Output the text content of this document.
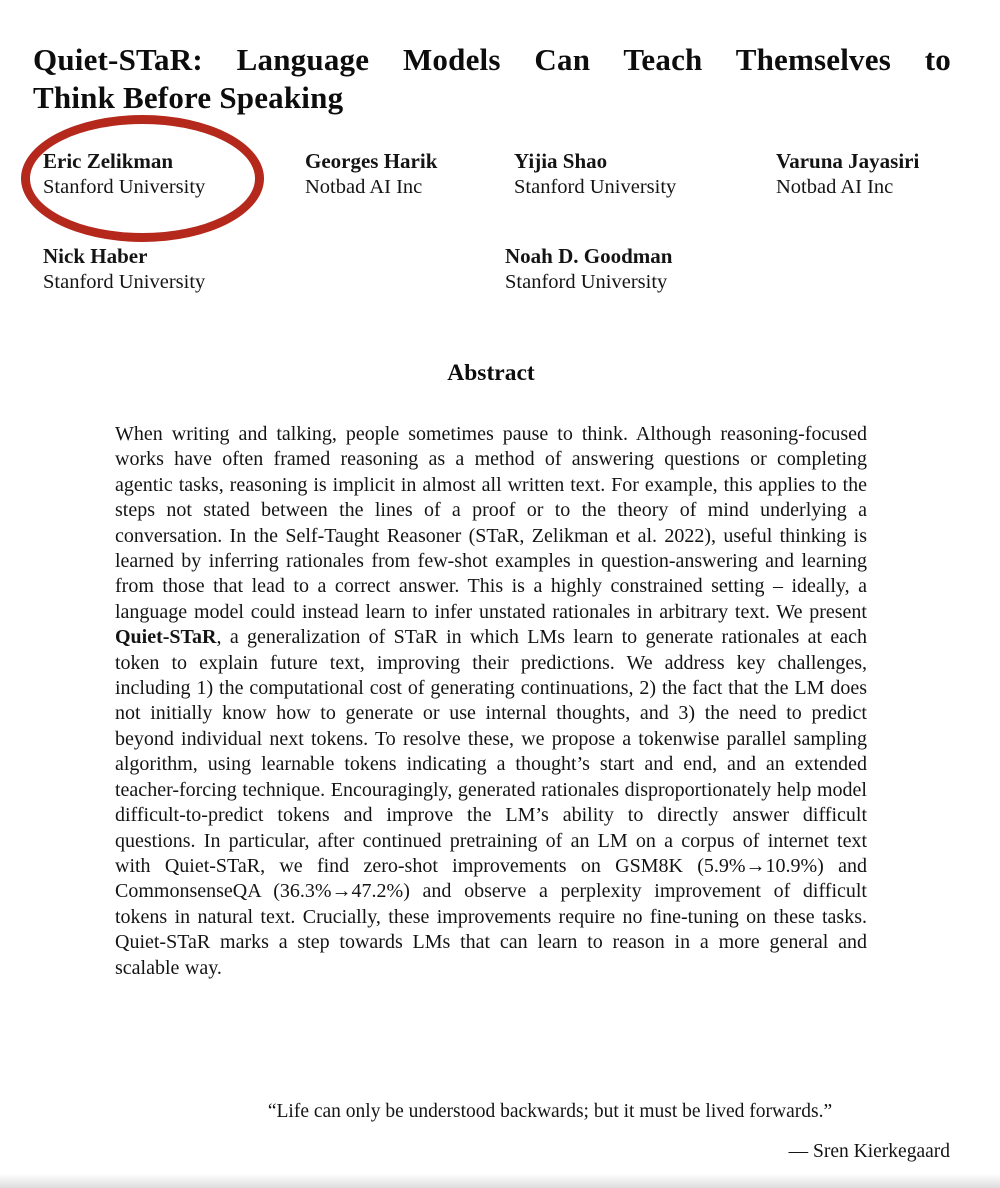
Quiet-STaR: Language Models Can Teach Themselves to
Think Before Speaking
Eric Zelikman
Stanford University
Georges Harik
Notbad AI Inc
Yijia Shao
Stanford University
Varuna Jayasiri
Notbad AI Inc
Nick Haber
Stanford University
Noah D. Goodman
Stanford University
Abstract
When writing and talking, people sometimes pause to think. Although reasoning-focused works have often framed reasoning as a method of answering questions or completing agentic tasks, reasoning is implicit in almost all written text. For example, this applies to the steps not stated between the lines of a proof or to the theory of mind underlying a conversation. In the Self-Taught Reasoner (STaR, Zelikman et al. 2022), useful thinking is learned by inferring rationales from few-shot examples in question-answering and learning from those that lead to a correct answer. This is a highly constrained setting – ideally, a language model could instead learn to infer unstated rationales in arbitrary text. We present Quiet-STaR, a generalization of STaR in which LMs learn to generate rationales at each token to explain future text, improving their predictions. We address key challenges, including 1) the computational cost of generating continuations, 2) the fact that the LM does not initially know how to generate or use internal thoughts, and 3) the need to predict beyond individual next tokens. To resolve these, we propose a tokenwise parallel sampling algorithm, using learnable tokens indicating a thought’s start and end, and an extended teacher-forcing technique. Encouragingly, generated rationales disproportionately help model difficult-to-predict tokens and improve the LM’s ability to directly answer difficult questions. In particular, after continued pretraining of an LM on a corpus of internet text with Quiet-STaR, we find zero-shot improvements on GSM8K (5.9%→10.9%) and CommonsenseQA (36.3%→47.2%) and observe a perplexity improvement of difficult tokens in natural text. Crucially, these improvements require no fine-tuning on these tasks. Quiet-STaR marks a step towards LMs that can learn to reason in a more general and scalable way.
“Life can only be understood backwards; but it must be lived forwards.”
— Sren Kierkegaard
